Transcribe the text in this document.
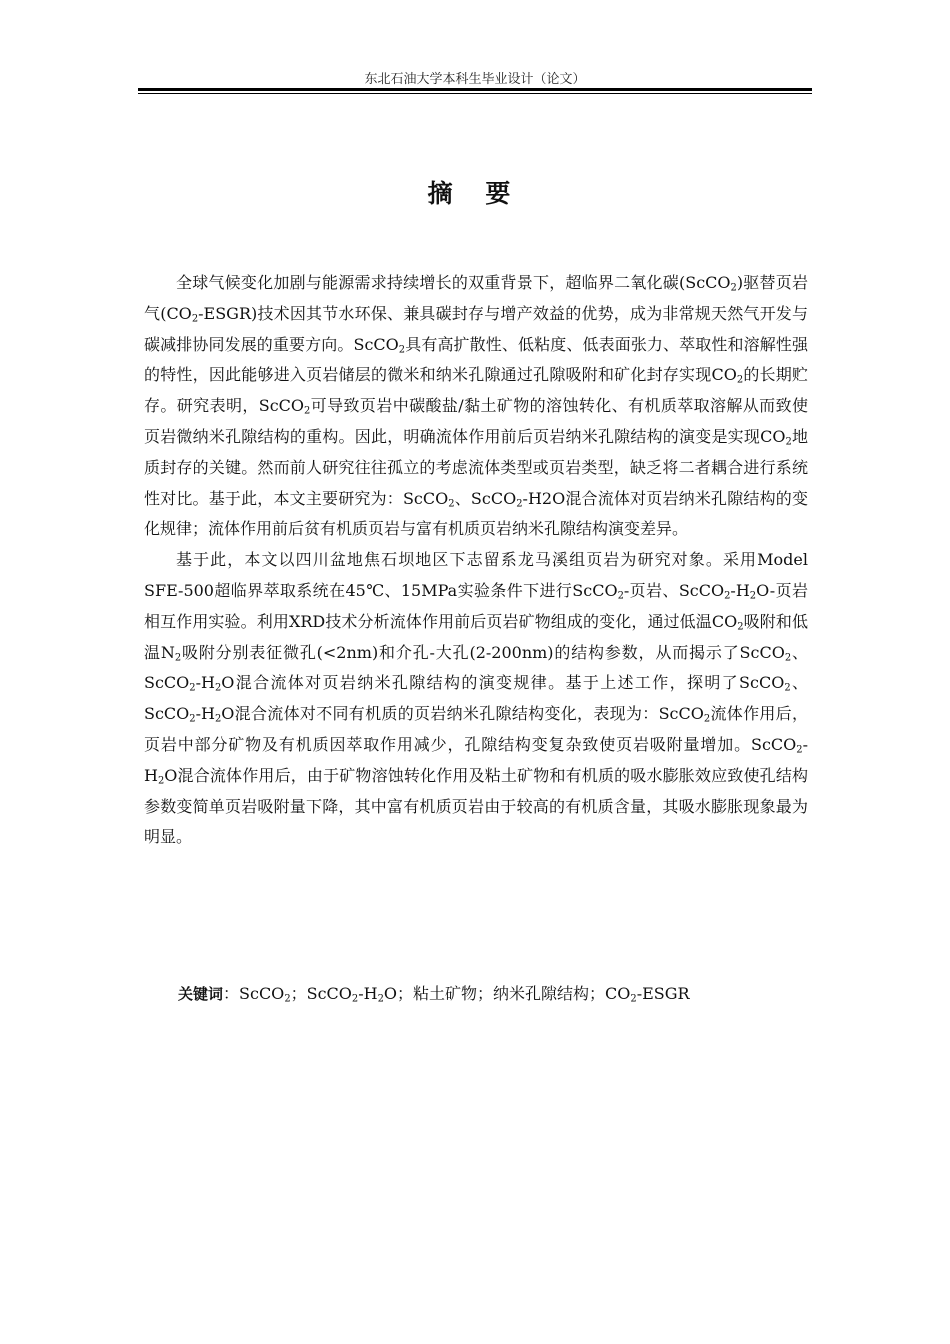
东北石油大学本科生毕业设计（论文）
摘 要

全球气候变化加剧与能源需求持续增长的双重背景下，超临界二氧化碳(ScCO$_2$)驱替页岩气$(CO_2-ESGR)$技术因其节水环保、兼具碳封存与增产效益的优势，成为非常规天然气开发与碳减排协同发展的重要方向。ScCO$_2$具有高扩散性、低粘度、低表面张力、萃取性和溶解性强的特性，因此能够进入页岩储层的微米和纳米孔隙通过孔隙吸附和矿化封存实现$CO_2$的长期贮存。研究表明，ScCO$_2$可导致页岩中碳酸盐/黏土矿物的溶蚀转化、有机质萃取溶解从而致使页岩微纳米孔隙结构的重构。因此，明确流体作用前后页岩纳米孔隙结构的演变是实现$CO_2$地质封存的关键。然而前人研究往往孤立的考虑流体类型或页岩类型，缺乏将二者耦合进行系统性对比。基于此，本文主要研究为：ScCO$_2$、ScCO$_2$-H2O混合流体对页岩纳米孔隙结构的变化规律；流体作用前后贫有机质页岩与富有机质页岩纳米孔隙结构演变差异。

基于此，本文以四川盆地焦石坝地区下志留系龙马溪组页岩为研究对象。采用Model SFE-500超临界萃取系统在45℃、15MPa实验条件下进行ScCO$_2$-页岩、$ScCO_2-H_2O-$页岩相互作用实验。利用XRD技术分析流体作用前后页岩矿物组成的变化，通过低温$CO_2$吸附和低温$N_2$吸附分别表征微孔(<2nm)和介孔-大孔(2-200nm)的结构参数，从而揭示了ScCO$_2$、$ScCO_2-H_2O$混合流体对页岩纳米孔隙结构的演变规律。基于上述工作，探明了ScCO$_2$、$ScCO_2-H_2O$混合流体对不同有机质的页岩纳米孔隙结构变化，表现为：ScCO$_2$流体作用后，页岩中部分矿物及有机质因萃取作用减少，孔隙结构变复杂致使页岩吸附量增加。$ScCO_2-H_2O$混合流体作用后，由于矿物溶蚀转化作用及粘土矿物和有机质的吸水膨胀效应致使孔结构参数变简单页岩吸附量下降，其中富有机质页岩由于较高的有机质含量，其吸水膨胀现象最为明显。

关键词：ScCO$_2$；$ScCO_2-H_2O$；粘土矿物；纳米孔隙结构；$CO_2$-ESGR
